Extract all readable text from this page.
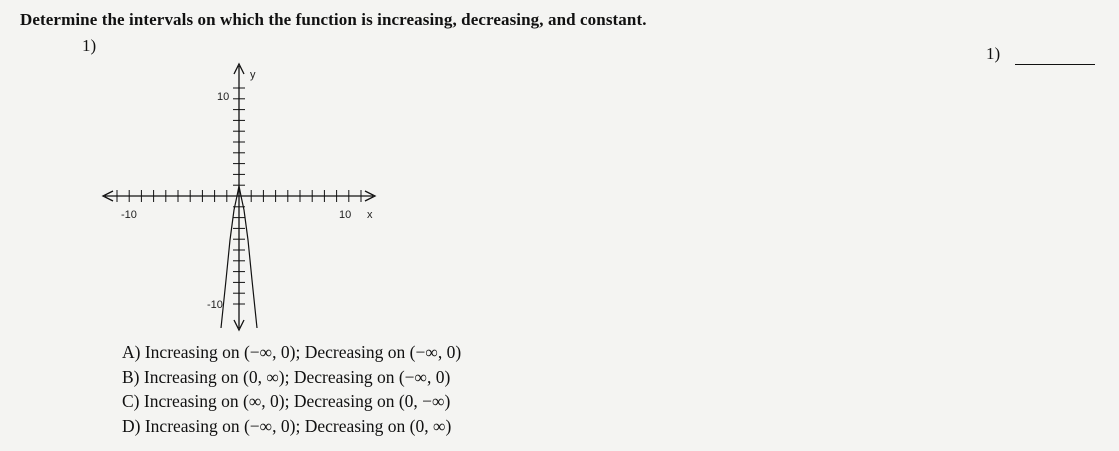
Determine the intervals on which the function is increasing, decreasing, and constant.
1)	1)
y
10
-10	10 x
-10
A) Increasing on (−∞, 0); Decreasing on (−∞, 0)
B) Increasing on (0, ∞); Decreasing on (−∞, 0)
C) Increasing on (∞, 0); Decreasing on (0, −∞)
D) Increasing on (−∞, 0); Decreasing on (0, ∞)
